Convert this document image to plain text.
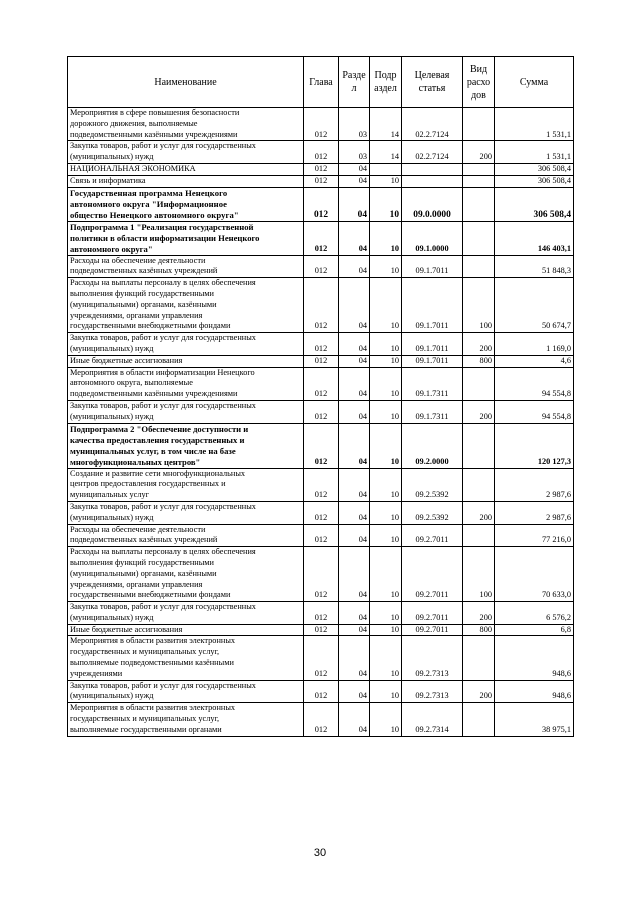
Наименование	Глава	Разде л	Подр аздел	Целевая статья	Вид расхо дов	Сумма
Мероприятия в сфере повышения безопасности
дорожного движения, выполняемые
подведомственными казёнными учреждениями	012	03	14	02.2.7124		1 531,1
Закупка товаров, работ и услуг для государственных
(муниципальных) нужд	012	03	14	02.2.7124	200	1 531,1
НАЦИОНАЛЬНАЯ ЭКОНОМИКА	012	04				306 508,4
Связь и информатика	012	04	10			306 508,4
Государственная программа Ненецкого
автономного округа "Информационное
общество Ненецкого автономного округа"	012	04	10	09.0.0000		306 508,4
Подпрограмма 1 "Реализация государственной
политики в области информатизации Ненецкого
автономного округа"	012	04	10	09.1.0000		146 403,1
Расходы на обеспечение деятельности
подведомственных казённых учреждений	012	04	10	09.1.7011		51 848,3
Расходы на выплаты персоналу в целях обеспечения
выполнения функций государственными
(муниципальными) органами, казёнными
учреждениями, органами управления
государственными внебюджетными фондами	012	04	10	09.1.7011	100	50 674,7
Закупка товаров, работ и услуг для государственных
(муниципальных) нужд	012	04	10	09.1.7011	200	1 169,0
Иные бюджетные ассигнования	012	04	10	09.1.7011	800	4,6
Мероприятия в области информатизации Ненецкого
автономного округа, выполняемые
подведомственными казёнными учреждениями	012	04	10	09.1.7311		94 554,8
Закупка товаров, работ и услуг для государственных
(муниципальных) нужд	012	04	10	09.1.7311	200	94 554,8
Подпрограмма 2 "Обеспечение доступности и
качества предоставления государственных и
муниципальных услуг, в том числе на базе
многофункциональных центров"	012	04	10	09.2.0000		120 127,3
Создание и развитие сети многофункциональных
центров предоставления государственных и
муниципальных услуг	012	04	10	09.2.5392		2 987,6
Закупка товаров, работ и услуг для государственных
(муниципальных) нужд	012	04	10	09.2.5392	200	2 987,6
Расходы на обеспечение деятельности
подведомственных казённых учреждений	012	04	10	09.2.7011		77 216,0
Расходы на выплаты персоналу в целях обеспечения
выполнения функций государственными
(муниципальными) органами, казёнными
учреждениями, органами управления
государственными внебюджетными фондами	012	04	10	09.2.7011	100	70 633,0
Закупка товаров, работ и услуг для государственных
(муниципальных) нужд	012	04	10	09.2.7011	200	6 576,2
Иные бюджетные ассигнования	012	04	10	09.2.7011	800	6,8
Мероприятия в области развития электронных
государственных и муниципальных услуг,
выполняемые подведомственными казёнными
учреждениями	012	04	10	09.2.7313		948,6
Закупка товаров, работ и услуг для государственных
(муниципальных) нужд	012	04	10	09.2.7313	200	948,6
Мероприятия в области развития электронных
государственных и муниципальных услуг,
выполняемые государственными органами	012	04	10	09.2.7314		38 975,1
30
